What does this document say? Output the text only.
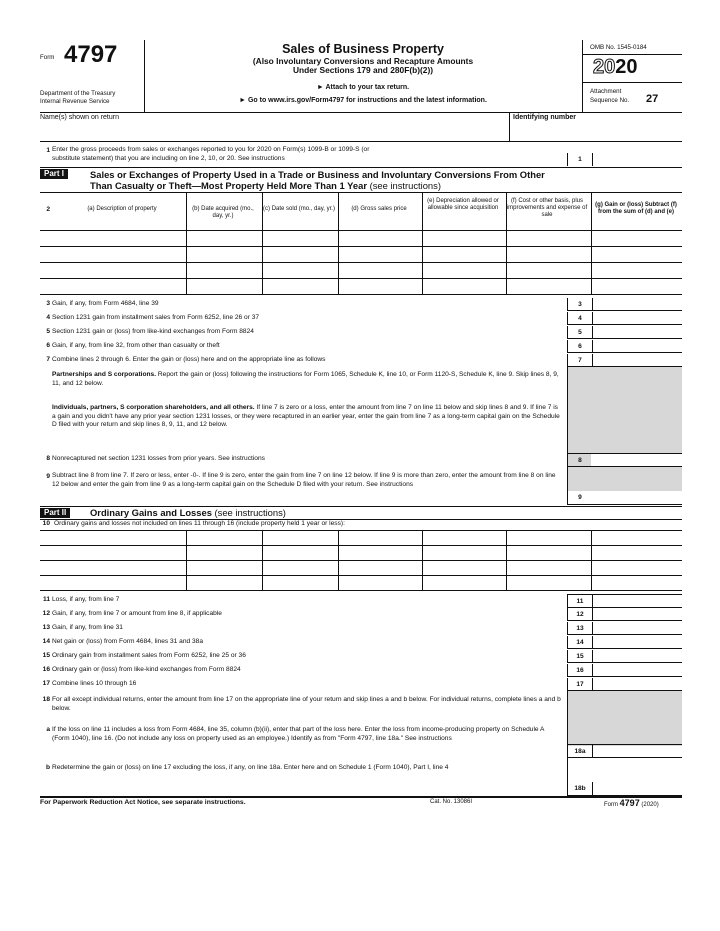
Form 4797
Department of the Treasury
Internal Revenue Service
Sales of Business Property
(Also Involuntary Conversions and Recapture Amounts
Under Sections 179 and 280F(b)(2))
► Attach to your tax return.
► Go to www.irs.gov/Form4797 for instructions and the latest information.
OMB No. 1545-0184
2020
Attachment
Sequence No. 27
Name(s) shown on return	Identifying number
1 Enter the gross proceeds from sales or exchanges reported to you for 2020 on Form(s) 1099-B or 1099-S (or
substitute statement) that you are including on line 2, 10, or 20. See instructions	1
Part I	Sales or Exchanges of Property Used in a Trade or Business and Involuntary Conversions From Other
Than Casualty or Theft—Most Property Held More Than 1 Year (see instructions)
2	(a) Description of property	(b) Date acquired (mo., day, yr.)
(c) Date sold (mo., day, yr.)	(d) Gross sales price
(e) Depreciation allowed or allowable since acquisition
(f) Cost or other basis, plus improvements and expense of sale
(g) Gain or (loss) Subtract (f) from the sum of (d) and (e)
3 Gain, if any, from Form 4684, line 39	3
4 Section 1231 gain from installment sales from Form 6252, line 26 or 37	4
5 Section 1231 gain or (loss) from like-kind exchanges from Form 8824	5
6 Gain, if any, from line 32, from other than casualty or theft	6
7 Combine lines 2 through 6. Enter the gain or (loss) here and on the appropriate line as follows	7
Partnerships and S corporations. Report the gain or (loss) following the instructions for Form 1065, Schedule K, line 10, or Form 1120-S, Schedule K, line 9. Skip lines 8, 9, 11, and 12 below.
Individuals, partners, S corporation shareholders, and all others. If line 7 is zero or a loss, enter the amount from line 7 on line 11 below and skip lines 8 and 9. If line 7 is a gain and you didn't have any prior year section 1231 losses, or they were recaptured in an earlier year, enter the gain from line 7 as a long-term capital gain on the Schedule D filed with your return and skip lines 8, 9, 11, and 12 below.
8 Nonrecaptured net section 1231 losses from prior years. See instructions	8
9 Subtract line 8 from line 7. If zero or less, enter -0-. If line 9 is zero, enter the gain from line 7 on line 12 below. If line 9 is more than zero, enter the amount from line 8 on line 12 below and enter the gain from line 9 as a long-term capital gain on the Schedule D filed with your return. See instructions
9
Part II	Ordinary Gains and Losses (see instructions)
10 Ordinary gains and losses not included on lines 11 through 16 (include property held 1 year or less):
11 Loss, if any, from line 7	11
12 Gain, if any, from line 7 or amount from line 8, if applicable	12
13 Gain, if any, from line 31	13
14 Net gain or (loss) from Form 4684, lines 31 and 38a	14
15 Ordinary gain from installment sales from Form 6252, line 25 or 36	15
16 Ordinary gain or (loss) from like-kind exchanges from Form 8824	16
17 Combine lines 10 through 16	17
18 For all except individual returns, enter the amount from line 17 on the appropriate line of your return and skip lines a and b below. For individual returns, complete lines a and b below.
a If the loss on line 11 includes a loss from Form 4684, line 35, column (b)(ii), enter that part of the loss here. Enter the loss from income-producing property on Schedule A (Form 1040), line 16. (Do not include any loss on property used as an employee.) Identify as from "Form 4797, line 18a." See instructions
18a
b Redetermine the gain or (loss) on line 17 excluding the loss, if any, on line 18a. Enter here and on Schedule 1 (Form 1040), Part I, line 4
18b
For Paperwork Reduction Act Notice, see separate instructions.	Cat. No. 13086I	Form 4797 (2020)
